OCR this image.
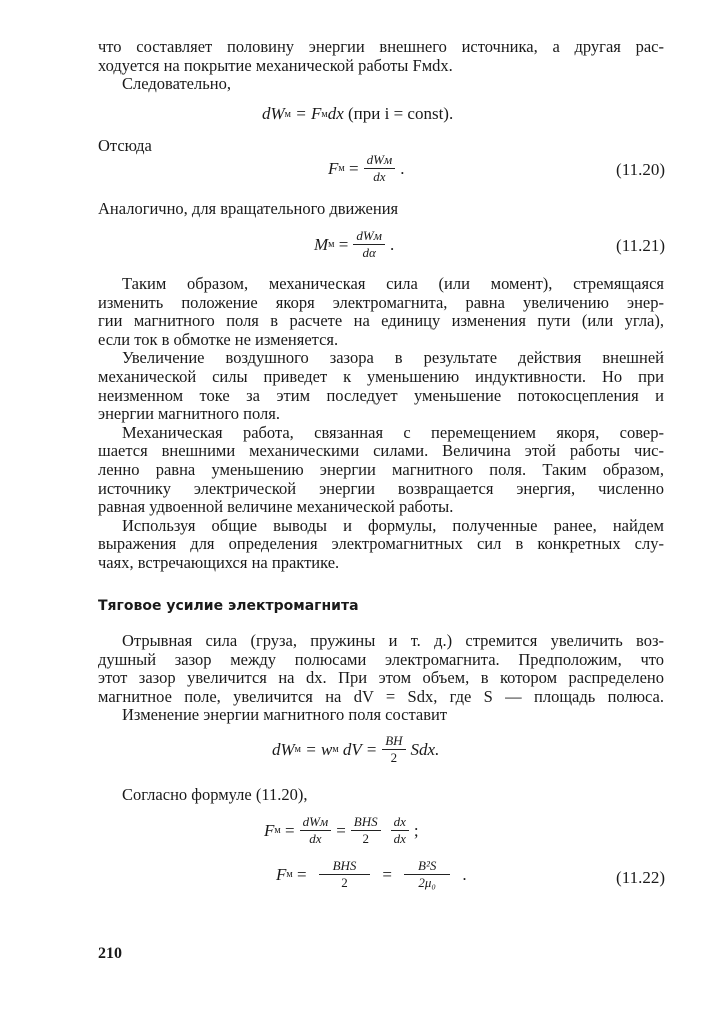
что составляет половину энергии внешнего источника, а другая рас-
ходуется на покрытие механической работы Fмdx.
Следовательно,
dW м
= F м dx
(при i = const).
Отсюда
F м
= $\frac{\text{dWм}}{dx}$ .	(11.20)
Аналогично, для вращательного движения
M м
= $\frac{\text{dWм}}{d\alpha}$ .	(11.21)
Таким образом, механическая сила (или момент), стремящаяся
изменить положение якоря электромагнита, равна увеличению энер-
гии магнитного поля в расчете на единицу изменения пути (или угла),
если ток в обмотке не изменяется.
Увеличение воздушного зазора в результате действия внешней
механической силы приведет к уменьшению индуктивности. Но при
неизменном токе за этим последует уменьшение потокосцепления и
энергии магнитного поля.
Механическая работа, связанная с перемещением якоря, совер-
шается внешними механическими силами. Величина этой работы чис-
ленно равна уменьшению энергии магнитного поля. Таким образом,
источнику электрической энергии возвращается энергия, численно
равная удвоенной величине механической работы.
Используя общие выводы и формулы, полученные ранее, найдем
выражения для определения электромагнитных сил в конкретных слу-
чаях, встречающихся на практике.
Тяговое усилие электромагнита
Отрывная сила (груза, пружины и т. д.) стремится увеличить воз-
душный зазор между полюсами электромагнита. Предположим, что
этот зазор увеличится на dx. При этом объем, в котором распределено
магнитное поле, увеличится на dV = Sdx, где S — площадь полюса.
Изменение энергии магнитного поля составит
dW м
= w м
dV = $\frac{BH}{2}$ Sdx.
Согласно формуле (11.20),
F м
= $\frac{\text{dWм}}{dx} = \frac{\text{BHS}}{2} \frac{dx}{dx}$ ;
F м
= $\frac{\text{BHS}}{2} = \frac{\text{B²S}}{\text{2μ₀}}$ .	(11.22)
210
